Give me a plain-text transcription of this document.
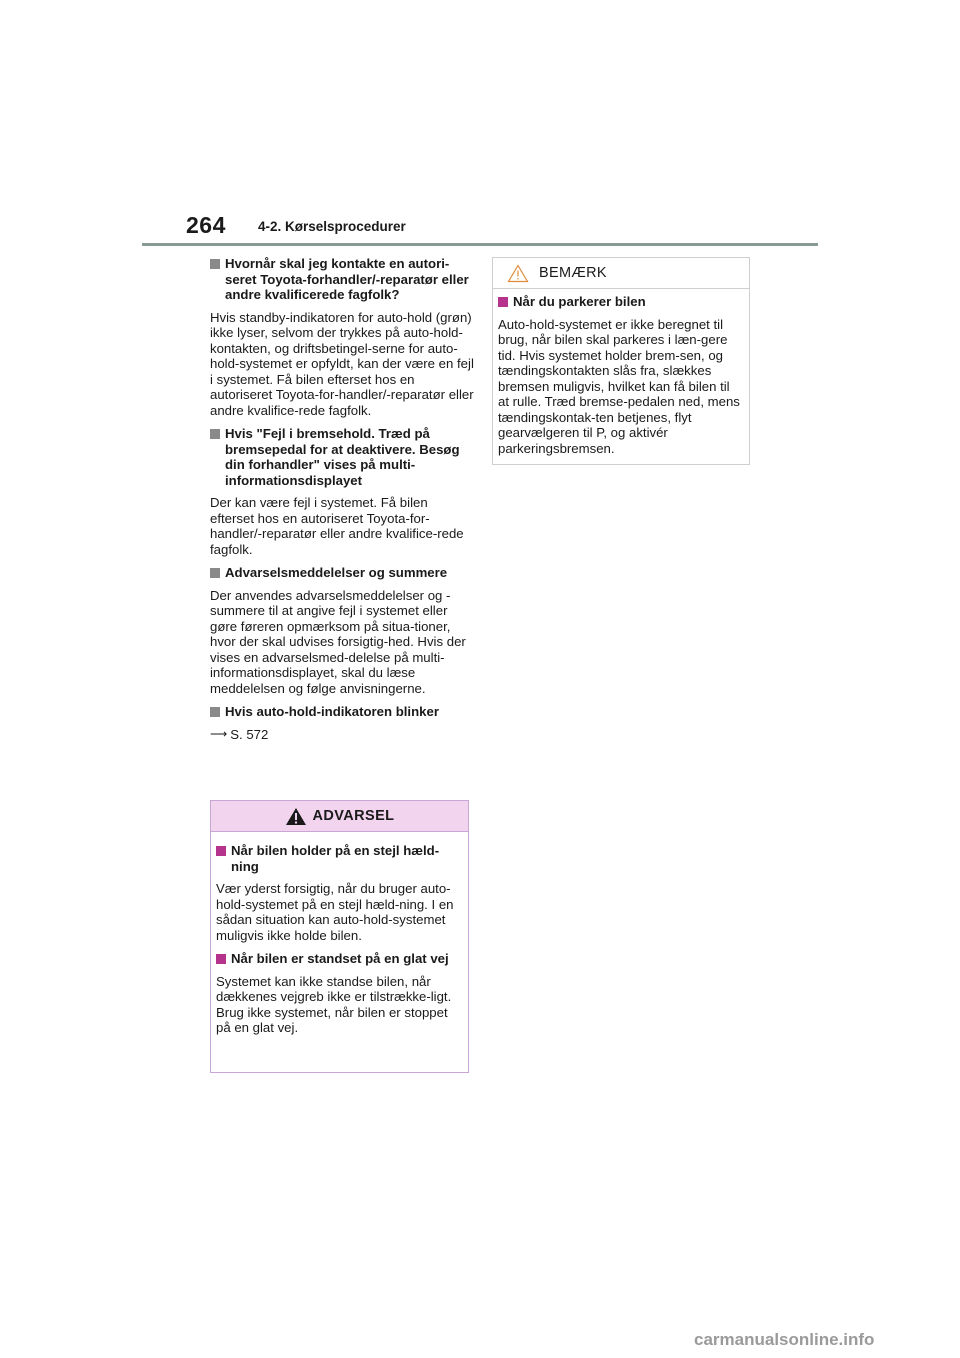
264 4-2. Kørselsprocedurer
Hvornår skal jeg kontakte en autori-seret Toyota-forhandler/-reparatør eller andre kvalificerede fagfolk?
Hvis standby-indikatoren for auto-hold (grøn) ikke lyser, selvom der trykkes på auto-hold-kontakten, og driftsbetingel-serne for auto-hold-systemet er opfyldt, kan der være en fejl i systemet. Få bilen efterset hos en autoriseret Toyota-for-handler/-reparatør eller andre kvalifice-rede fagfolk.
Hvis "Fejl i bremsehold. Træd på bremsepedal for at deaktivere. Besøg din forhandler" vises på multi-informationsdisplayet
Der kan være fejl i systemet. Få bilen efterset hos en autoriseret Toyota-for-handler/-reparatør eller andre kvalifice-rede fagfolk.
Advarselsmeddelelser og summere
Der anvendes advarselsmeddelelser og -summere til at angive fejl i systemet eller gøre føreren opmærksom på situa-tioner, hvor der skal udvises forsigtig-hed. Hvis der vises en advarselsmed-delelse på multi-informationsdisplayet, skal du læse meddelelsen og følge anvisningerne.
Hvis auto-hold-indikatoren blinker
⟶ S. 572
ADVARSEL
Når bilen holder på en stejl hæld-ning
Vær yderst forsigtig, når du bruger auto-hold-systemet på en stejl hæld-ning. I en sådan situation kan auto-hold-systemet muligvis ikke holde bilen.
Når bilen er standset på en glat vej
Systemet kan ikke standse bilen, når dækkenes vejgreb ikke er tilstrække-ligt. Brug ikke systemet, når bilen er stoppet på en glat vej.
BEMÆRK
Når du parkerer bilen
Auto-hold-systemet er ikke beregnet til brug, når bilen skal parkeres i læn-gere tid. Hvis systemet holder brem-sen, og tændingskontakten slås fra, slækkes bremsen muligvis, hvilket kan få bilen til at rulle. Træd bremse-pedalen ned, mens tændingskontak-ten betjenes, flyt gearvælgeren til P, og aktivér parkeringsbremsen.
carmanualsonline.info
